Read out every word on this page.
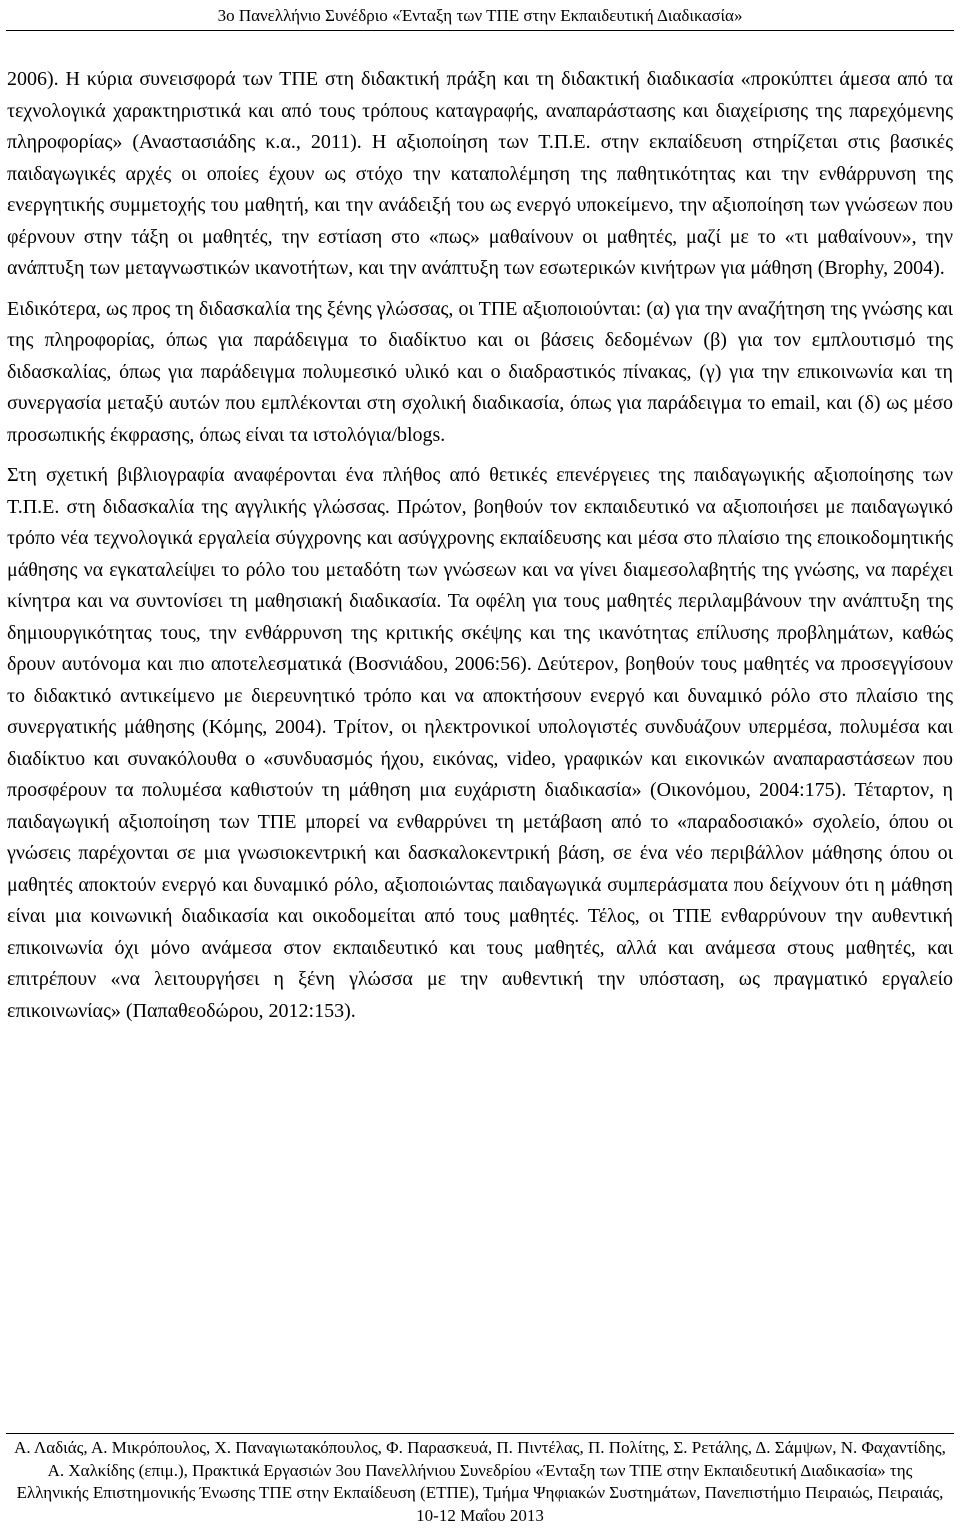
3ο Πανελλήνιο Συνέδριο «Ένταξη των ΤΠΕ στην Εκπαιδευτική Διαδικασία»

2006). Η κύρια συνεισφορά των ΤΠΕ στη διδακτική πράξη και τη διδακτική διαδικασία «προκύπτει άμεσα από τα τεχνολογικά χαρακτηριστικά και από τους τρόπους καταγραφής, αναπαράστασης και διαχείρισης της παρεχόμενης πληροφορίας» (Αναστασιάδης κ.α., 2011). Η αξιοποίηση των Τ.Π.Ε. στην εκπαίδευση στηρίζεται στις βασικές παιδαγωγικές αρχές οι οποίες έχουν ως στόχο την καταπολέμηση της παθητικότητας και την ενθάρρυνση της ενεργητικής συμμετοχής του μαθητή, και την ανάδειξή του ως ενεργό υποκείμενο, την αξιοποίηση των γνώσεων που φέρνουν στην τάξη οι μαθητές, την εστίαση στο «πως» μαθαίνουν οι μαθητές, μαζί με το «τι μαθαίνουν», την ανάπτυξη των μεταγνωστικών ικανοτήτων, και την ανάπτυξη των εσωτερικών κινήτρων για μάθηση (Brophy, 2004).

Ειδικότερα, ως προς τη διδασκαλία της ξένης γλώσσας, οι ΤΠΕ αξιοποιούνται: (α) για την αναζήτηση της γνώσης και της πληροφορίας, όπως για παράδειγμα το διαδίκτυο και οι βάσεις δεδομένων (β) για τον εμπλουτισμό της διδασκαλίας, όπως για παράδειγμα πολυμεσικό υλικό και ο διαδραστικός πίνακας, (γ) για την επικοινωνία και τη συνεργασία μεταξύ αυτών που εμπλέκονται στη σχολική διαδικασία, όπως για παράδειγμα το email, και (δ) ως μέσο προσωπικής έκφρασης, όπως είναι τα ιστολόγια/blogs.

Στη σχετική βιβλιογραφία αναφέρονται ένα πλήθος από θετικές επενέργειες της παιδαγωγικής αξιοποίησης των Τ.Π.Ε. στη διδασκαλία της αγγλικής γλώσσας. Πρώτον, βοηθούν τον εκπαιδευτικό να αξιοποιήσει με παιδαγωγικό τρόπο νέα τεχνολογικά εργαλεία σύγχρονης και ασύγχρονης εκπαίδευσης και μέσα στο πλαίσιο της εποικοδομητικής μάθησης να εγκαταλείψει το ρόλο του μεταδότη των γνώσεων και να γίνει διαμεσολαβητής της γνώσης, να παρέχει κίνητρα και να συντονίσει τη μαθησιακή διαδικασία. Τα οφέλη για τους μαθητές περιλαμβάνουν την ανάπτυξη της δημιουργικότητας τους, την ενθάρρυνση της κριτικής σκέψης και της ικανότητας επίλυσης προβλημάτων, καθώς δρουν αυτόνομα και πιο αποτελεσματικά (Βοσνιάδου, 2006:56). Δεύτερον, βοηθούν τους μαθητές να προσεγγίσουν το διδακτικό αντικείμενο με διερευνητικό τρόπο και να αποκτήσουν ενεργό και δυναμικό ρόλο στο πλαίσιο της συνεργατικής μάθησης (Κόμης, 2004). Τρίτον, οι ηλεκτρονικοί υπολογιστές συνδυάζουν υπερμέσα, πολυμέσα και διαδίκτυο και συνακόλουθα ο «συνδυασμός ήχου, εικόνας, video, γραφικών και εικονικών αναπαραστάσεων που προσφέρουν τα πολυμέσα καθιστούν τη μάθηση μια ευχάριστη διαδικασία» (Οικονόμου, 2004:175). Τέταρτον, η παιδαγωγική αξιοποίηση των ΤΠΕ μπορεί να ενθαρρύνει τη μετάβαση από το «παραδοσιακό» σχολείο, όπου οι γνώσεις παρέχονται σε μια γνωσιοκεντρική και δασκαλοκεντρική βάση, σε ένα νέο περιβάλλον μάθησης όπου οι μαθητές αποκτούν ενεργό και δυναμικό ρόλο, αξιοποιώντας παιδαγωγικά συμπεράσματα που δείχνουν ότι η μάθηση είναι μια κοινωνική διαδικασία και οικοδομείται από τους μαθητές. Τέλος, οι ΤΠΕ ενθαρρύνουν την αυθεντική επικοινωνία όχι μόνο ανάμεσα στον εκπαιδευτικό και τους μαθητές, αλλά και ανάμεσα στους μαθητές, και επιτρέπουν «να λειτουργήσει η ξένη γλώσσα με την αυθεντική την υπόσταση, ως πραγματικό εργαλείο επικοινωνίας» (Παπαθεοδώρου, 2012:153).

Α. Λαδιάς, Α. Μικρόπουλος, Χ. Παναγιωτακόπουλος, Φ. Παρασκευά, Π. Πιντέλας, Π. Πολίτης, Σ. Ρετάλης, Δ. Σάμψων, Ν. Φαχαντίδης, Α. Χαλκίδης (επιμ.), Πρακτικά Εργασιών 3ου Πανελλήνιου Συνεδρίου «Ένταξη των ΤΠΕ στην Εκπαιδευτική Διαδικασία» της Ελληνικής Επιστημονικής Ένωσης ΤΠΕ στην Εκπαίδευση (ΕΤΠΕ), Τμήμα Ψηφιακών Συστημάτων, Πανεπιστήμιο Πειραιώς, Πειραιάς, 10-12 Μαΐου 2013
